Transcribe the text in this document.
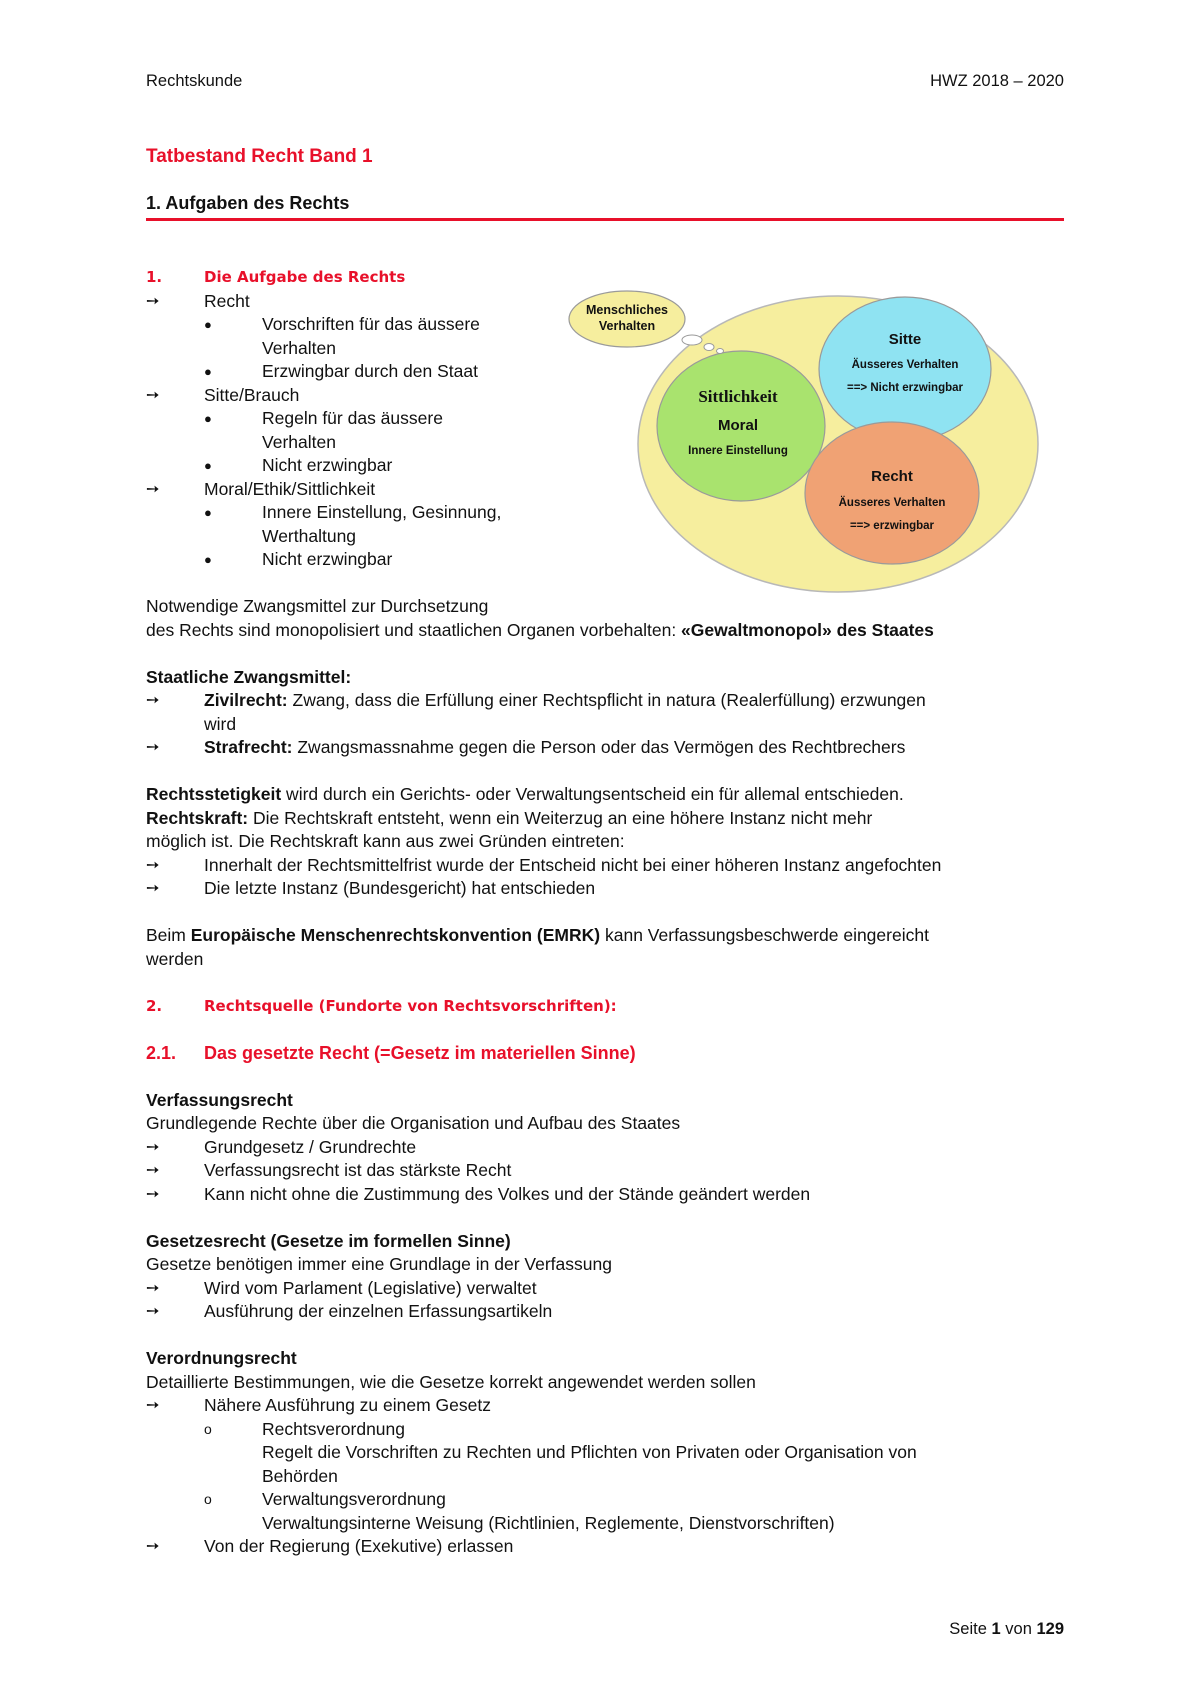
Rechtskunde	HWZ 2018 – 2020
Tatbestand Recht Band 1
1. Aufgaben des Rechts
Menschliches
Verhalten
Sitte
Äusseres Verhalten
==> Nicht erzwingbar
Sittlichkeit
Moral
Innere Einstellung
Recht
Äusseres Verhalten
==> erzwingbar
1.	Die Aufgabe des Rechts
➙	Recht
●	Vorschriften für das äussere
Verhalten
●	Erzwingbar durch den Staat
➙	Sitte/Brauch
●	Regeln für das äussere
Verhalten
●	Nicht erzwingbar
➙	Moral/Ethik/Sittlichkeit
●	Innere Einstellung, Gesinnung,
Werthaltung
●	Nicht erzwingbar
Notwendige Zwangsmittel zur Durchsetzung
des Rechts sind monopolisiert und staatlichen Organen vorbehalten: «Gewaltmonopol» des Staates
Staatliche Zwangsmittel:
➙	Zivilrecht: Zwang, dass die Erfüllung einer Rechtspflicht in natura (Realerfüllung) erzwungen
wird
➙	Strafrecht: Zwangsmassnahme gegen die Person oder das Vermögen des Rechtbrechers
Rechtsstetigkeit wird durch ein Gerichts- oder Verwaltungsentscheid ein für allemal entschieden.
Rechtskraft: Die Rechtskraft entsteht, wenn ein Weiterzug an eine höhere Instanz nicht mehr
möglich ist. Die Rechtskraft kann aus zwei Gründen eintreten:
➙	Innerhalt der Rechtsmittelfrist wurde der Entscheid nicht bei einer höheren Instanz angefochten
➙	Die letzte Instanz (Bundesgericht) hat entschieden
Beim Europäische Menschenrechtskonvention (EMRK) kann Verfassungsbeschwerde eingereicht
werden
2.	Rechtsquelle (Fundorte von Rechtsvorschriften):
2.1. Das gesetzte Recht (=Gesetz im materiellen Sinne)
Verfassungsrecht
Grundlegende Rechte über die Organisation und Aufbau des Staates
➙	Grundgesetz / Grundrechte
➙	Verfassungsrecht ist das stärkste Recht
➙	Kann nicht ohne die Zustimmung des Volkes und der Stände geändert werden
Gesetzesrecht (Gesetze im formellen Sinne)
Gesetze benötigen immer eine Grundlage in der Verfassung
➙	Wird vom Parlament (Legislative) verwaltet
➙	Ausführung der einzelnen Erfassungsartikeln
Verordnungsrecht
Detaillierte Bestimmungen, wie die Gesetze korrekt angewendet werden sollen
➙	Nähere Ausführung zu einem Gesetz
o	Rechtsverordnung
Regelt die Vorschriften zu Rechten und Pflichten von Privaten oder Organisation von
Behörden
o	Verwaltungsverordnung
Verwaltungsinterne Weisung (Richtlinien, Reglemente, Dienstvorschriften)
➙	Von der Regierung (Exekutive) erlassen
Seite 1 von 129
